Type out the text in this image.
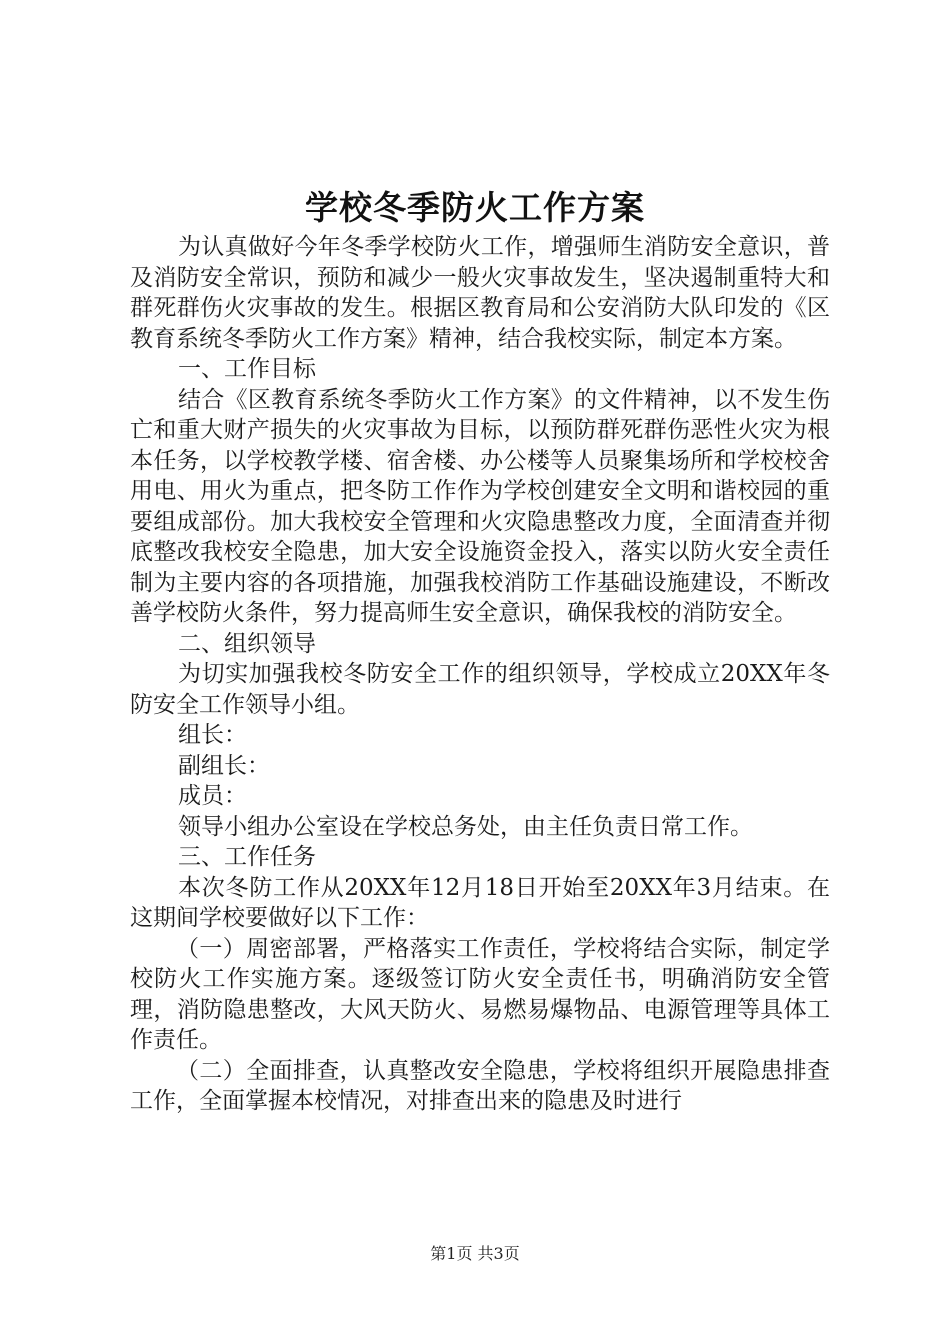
学校冬季防火工作方案

为认真做好今年冬季学校防火工作，增强师生消防安全意识，普及消防安全常识，预防和减少一般火灾事故发生，坚决遏制重特大和群死群伤火灾事故的发生。根据区教育局和公安消防大队印发的《区教育系统冬季防火工作方案》精神，结合我校实际，制定本方案。

一、工作目标

结合《区教育系统冬季防火工作方案》的文件精神，以不发生伤亡和重大财产损失的火灾事故为目标，以预防群死群伤恶性火灾为根本任务，以学校教学楼、宿舍楼、办公楼等人员聚集场所和学校校舍用电、用火为重点，把冬防工作作为学校创建安全文明和谐校园的重要组成部份。加大我校安全管理和火灾隐患整改力度，全面清查并彻底整改我校安全隐患，加大安全设施资金投入，落实以防火安全责任制为主要内容的各项措施，加强我校消防工作基础设施建设，不断改善学校防火条件，努力提高师生安全意识，确保我校的消防安全。

二、组织领导

为切实加强我校冬防安全工作的组织领导，学校成立20XX年冬防安全工作领导小组。

组长：

副组长：

成员：

领导小组办公室设在学校总务处，由主任负责日常工作。

三、工作任务

本次冬防工作从20XX年12月18日开始至20XX年3月结束。在这期间学校要做好以下工作：

（一）周密部署，严格落实工作责任，学校将结合实际，制定学校防火工作实施方案。逐级签订防火安全责任书，明确消防安全管理，消防隐患整改，大风天防火、易燃易爆物品、电源管理等具体工作责任。

（二）全面排查，认真整改安全隐患，学校将组织开展隐患排查工作，全面掌握本校情况，对排查出来的隐患及时进行

第1页 共3页
